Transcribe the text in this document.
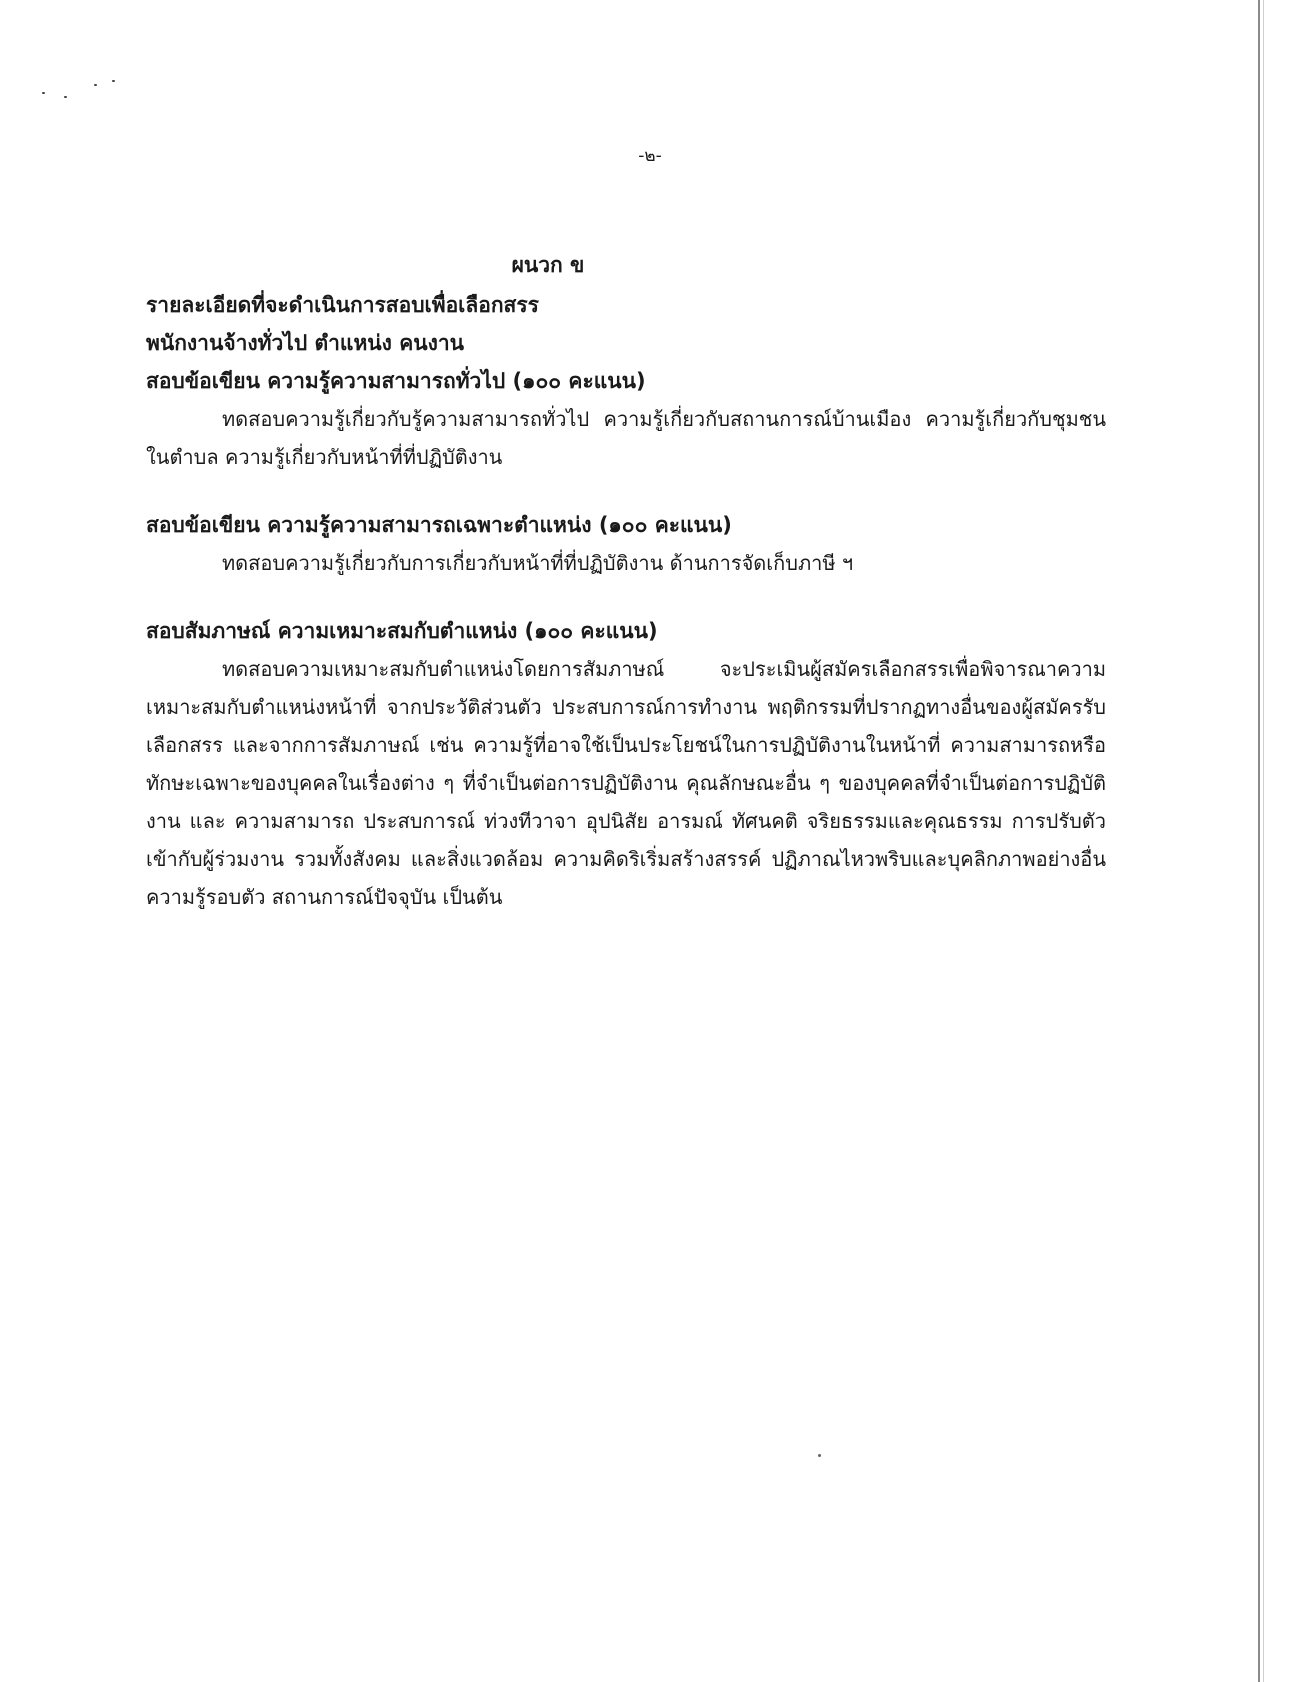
-๒-

ผนวก ข

รายละเอียดที่จะดำเนินการสอบเพื่อเลือกสรร

พนักงานจ้างทั่วไป ตำแหน่ง คนงาน

สอบข้อเขียน ความรู้ความสามารถทั่วไป (๑๐๐ คะแนน)

ทดสอบความรู้เกี่ยวกับรู้ความสามารถทั่วไป ความรู้เกี่ยวกับสถานการณ์บ้านเมือง ความรู้เกี่ยวกับชุมชนในตำบล ความรู้เกี่ยวกับหน้าที่ที่ปฏิบัติงาน

สอบข้อเขียน ความรู้ความสามารถเฉพาะตำแหน่ง (๑๐๐ คะแนน)

ทดสอบความรู้เกี่ยวกับการเกี่ยวกับหน้าที่ที่ปฏิบัติงาน ด้านการจัดเก็บภาษี ฯ

สอบสัมภาษณ์ ความเหมาะสมกับตำแหน่ง (๑๐๐ คะแนน)

ทดสอบความเหมาะสมกับตำแหน่งโดยการสัมภาษณ์ จะประเมินผู้สมัครเลือกสรรเพื่อพิจารณาความเหมาะสมกับตำแหน่งหน้าที่ จากประวัติส่วนตัว ประสบการณ์การทำงาน พฤติกรรมที่ปรากฏทางอื่นของผู้สมัครรับเลือกสรร และจากการสัมภาษณ์ เช่น ความรู้ที่อาจใช้เป็นประโยชน์ในการปฏิบัติงานในหน้าที่ ความสามารถหรือทักษะเฉพาะของบุคคลในเรื่องต่าง ๆ ที่จำเป็นต่อการปฏิบัติงาน คุณลักษณะอื่น ๆ ของบุคคลที่จำเป็นต่อการปฏิบัติงาน และ ความสามารถ ประสบการณ์ ท่วงทีวาจา อุปนิสัย อารมณ์ ทัศนคติ จริยธรรมและคุณธรรม การปรับตัวเข้ากับผู้ร่วมงาน รวมทั้งสังคม และสิ่งแวดล้อม ความคิดริเริ่มสร้างสรรค์ ปฏิภาณไหวพริบและบุคลิกภาพอย่างอื่น ความรู้รอบตัว สถานการณ์ปัจจุบัน เป็นต้น
